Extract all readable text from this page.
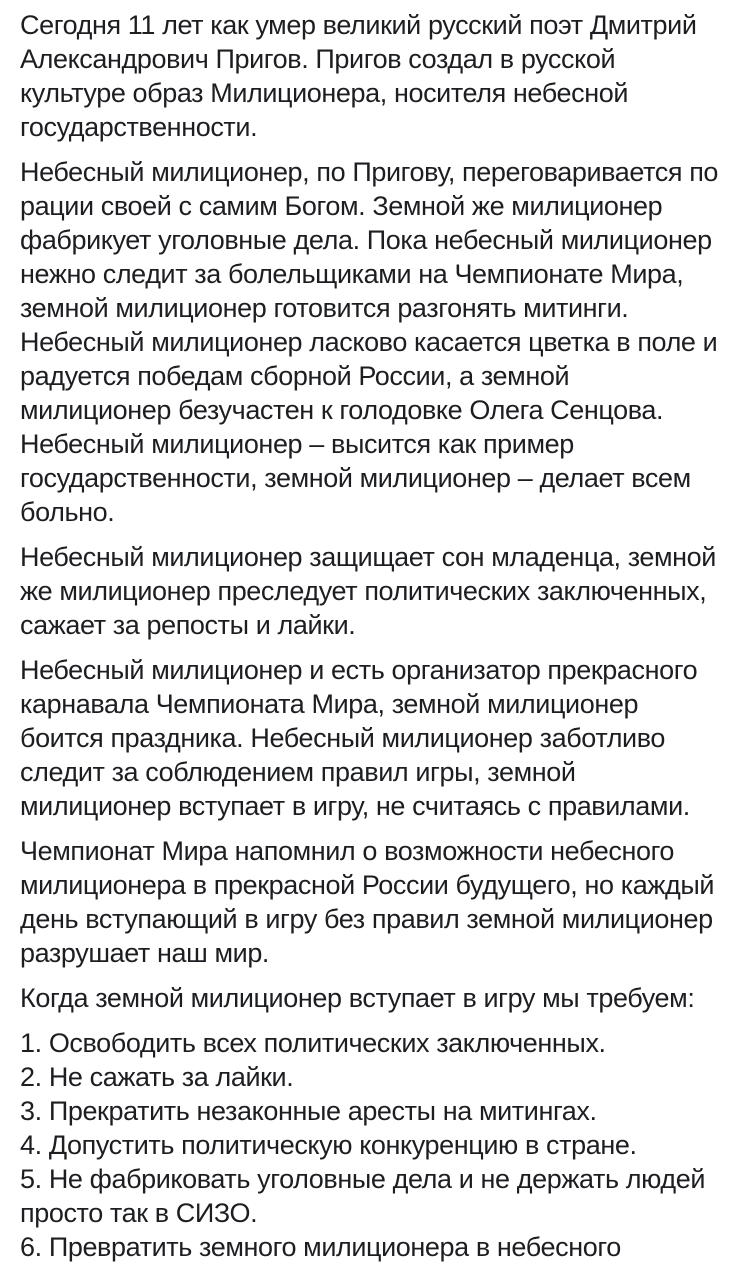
Сегодня 11 лет как умер великий русский поэт Дмитрий Александрович Пригов. Пригов создал в русской культуре образ Милиционера, носителя небесной государственности.

Небесный милиционер, по Пригову, переговаривается по рации своей с самим Богом. Земной же милиционер фабрикует уголовные дела. Пока небесный милиционер нежно следит за болельщиками на Чемпионате Мира, земной милиционер готовится разгонять митинги. Небесный милиционер ласково касается цветка в поле и радуется победам сборной России, а земной милиционер безучастен к голодовке Олега Сенцова. Небесный милиционер – высится как пример государственности, земной милиционер – делает всем больно.

Небесный милиционер защищает сон младенца, земной же милиционер преследует политических заключенных, сажает за репосты и лайки.

Небесный милиционер и есть организатор прекрасного карнавала Чемпионата Мира, земной милиционер боится праздника. Небесный милиционер заботливо следит за соблюдением правил игры, земной милиционер вступает в игру, не считаясь с правилами.

Чемпионат Мира напомнил о возможности небесного милиционера в прекрасной России будущего, но каждый день вступающий в игру без правил земной милиционер разрушает наш мир.

Когда земной милиционер вступает в игру мы требуем:

1. Освободить всех политических заключенных.
2. Не сажать за лайки.
3. Прекратить незаконные аресты на митингах.
4. Допустить политическую конкуренцию в стране.
5. Не фабриковать уголовные дела и не держать людей просто так в СИЗО.
6. Превратить земного милиционера в небесного
